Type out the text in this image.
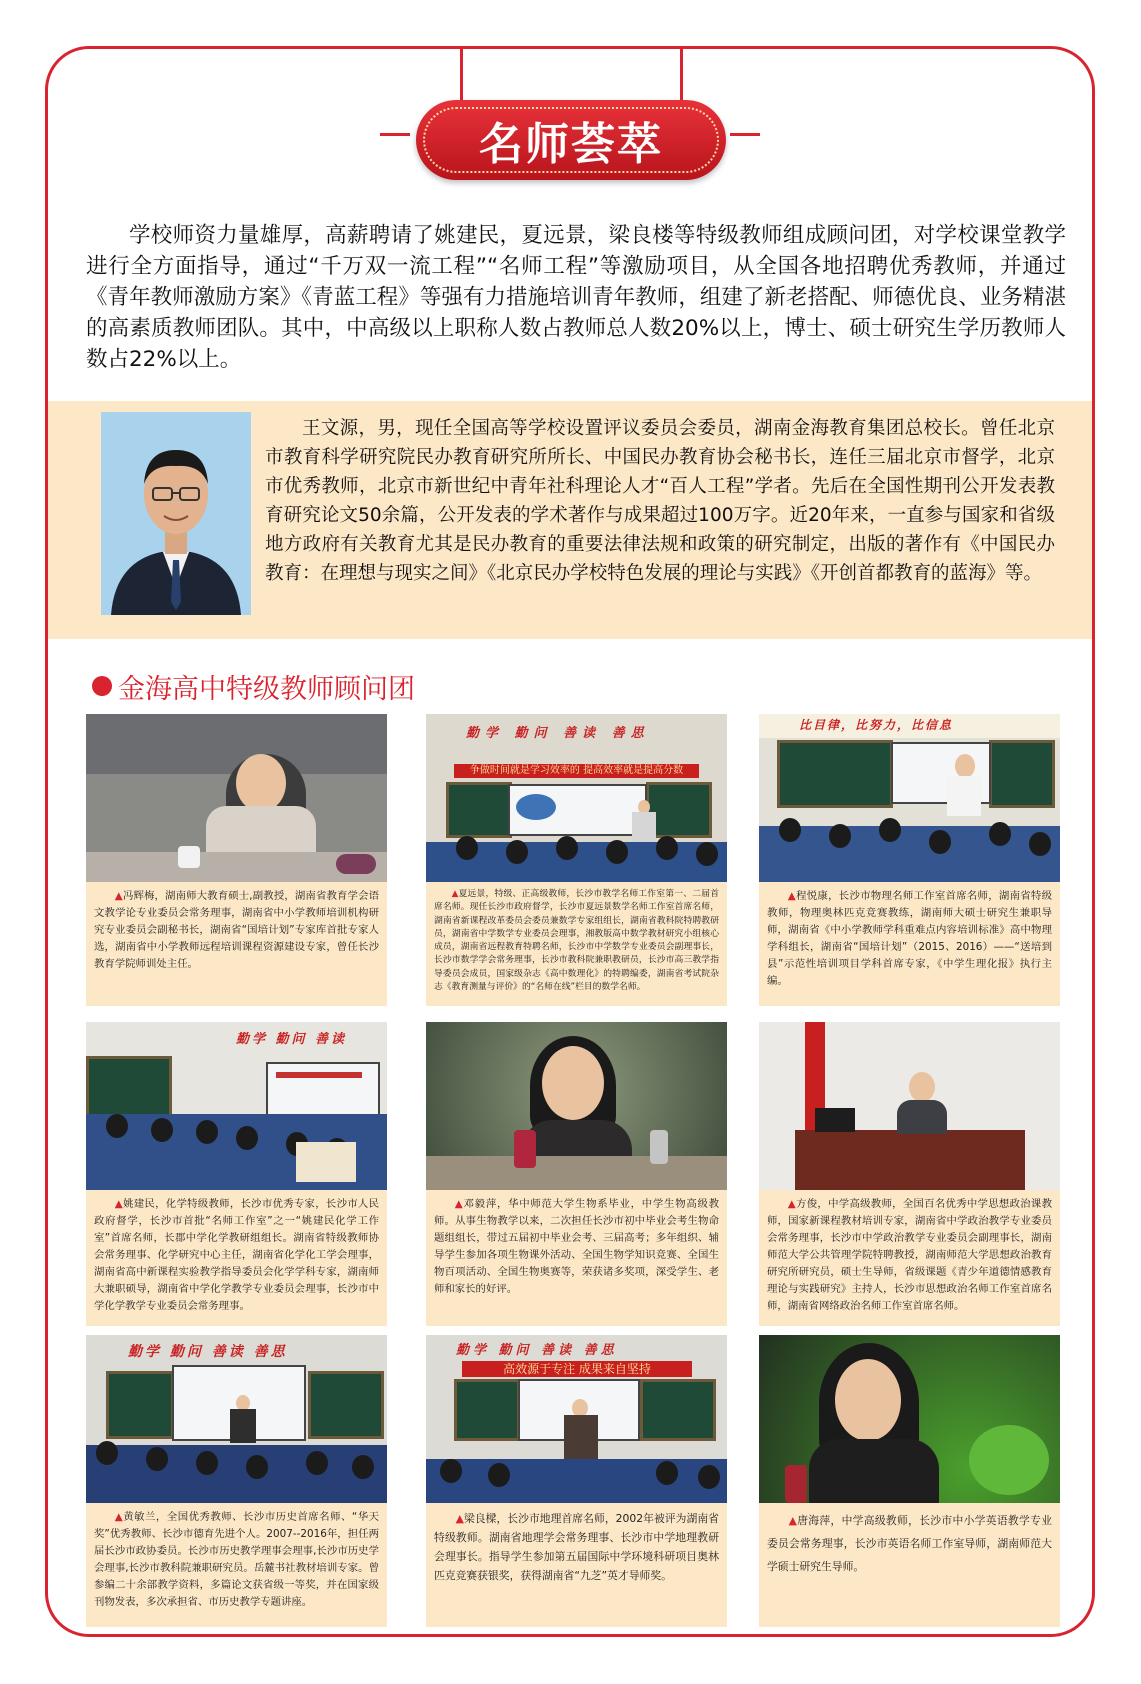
名师荟萃

学校师资力量雄厚，高薪聘请了姚建民，夏远景，梁良楼等特级教师组成顾问团，对学校课堂教学进行全方面指导，通过“千万双一流工程”“名师工程”等激励项目，从全国各地招聘优秀教师，并通过《青年教师激励方案》《青蓝工程》等强有力措施培训青年教师，组建了新老搭配、师德优良、业务精湛的高素质教师团队。其中，中高级以上职称人数占教师总人数20%以上，博士、硕士研究生学历教师人数占22%以上。

王文源，男，现任全国高等学校设置评议委员会委员，湖南金海教育集团总校长。曾任北京市教育科学研究院民办教育研究所所长、中国民办教育协会秘书长，连任三届北京市督学，北京市优秀教师，北京市新世纪中青年社科理论人才“百人工程”学者。先后在全国性期刊公开发表教育研究论文50余篇，公开发表的学术著作与成果超过100万字。近20年来，一直参与国家和省级地方政府有关教育尤其是民办教育的重要法律法规和政策的研究制定，出版的著作有《中国民办教育：在理想与现实之间》《北京民办学校特色发展的理论与实践》《开创首都教育的蓝海》等。

金海高中特级教师顾问团

▲冯辉梅，湖南师大教育硕士,副教授，湖南省教育学会语文教学论专业委员会常务理事，湖南省中小学教师培训机构研究专业委员会副秘书长，湖南省“国培计划”专家库首批专家人选，湖南省中小学教师远程培训课程资源建设专家，曾任长沙教育学院师训处主任。

勤学 勤问 善读 善思
争做时间就是学习效率的 提高效率就是提高分数

▲夏远景，特级、正高级教师，长沙市教学名师工作室第一、二届首席名师。现任长沙市政府督学，长沙市夏远景数学名师工作室首席名师，湖南省新课程改革委员会委员兼数学专家组组长，湖南省教科院特聘教研员，湖南省中学数学专业委员会理事，湘教版高中数学教材研究小组核心成员，湖南省远程教育特聘名师，长沙市中学数学专业委员会副理事长，长沙市数学学会常务理事，长沙市教科院兼职教研员，长沙市高三教学指导委员会成员，国家级杂志《高中数理化》的特聘编委，湖南省考试院杂志《教育测量与评价》的“名师在线”栏目的数学名师。

比目律，比努力，比信息

▲程悦康，长沙市物理名师工作室首席名师，湖南省特级教师，物理奥林匹克竞赛教练，湖南师大硕士研究生兼职导师，湖南省《中小学教师学科重难点内容培训标准》高中物理学科组长，湖南省“国培计划”（2015、2016）——“送培到县”示范性培训项目学科首席专家，《中学生理化报》执行主编。

勤学 勤问 善读

▲姚建民，化学特级教师，长沙市优秀专家，长沙市人民政府督学，长沙市首批“名师工作室”之一“姚建民化学工作室”首席名师，长郡中学化学教研组组长。湖南省特级教师协会常务理事、化学研究中心主任，湖南省化学化工学会理事，湖南省高中新课程实验教学指导委员会化学学科专家，湖南师大兼职硕导，湖南省中学化学教学专业委员会理事，长沙市中学化学教学专业委员会常务理事。

▲邓毅萍，华中师范大学生物系毕业，中学生物高级教师。从事生物教学以来，二次担任长沙市初中毕业会考生物命题组组长，带过五届初中毕业会考、三届高考；多年组织、辅导学生参加各项生物课外活动、全国生物学知识竞赛、全国生物百项活动、全国生物奥赛等，荣获诸多奖项，深受学生、老师和家长的好评。

▲方俊，中学高级教师，全国百名优秀中学思想政治课教师，国家新课程教材培训专家，湖南省中学政治教学专业委员会常务理事，长沙市中学政治教学专业委员会副理事长，湖南师范大学公共管理学院特聘教授，湖南师范大学思想政治教育研究所研究员，硕士生导师，省级课题《青少年道德情感教育理论与实践研究》主持人，长沙市思想政治名师工作室首席名师，湖南省网络政治名师工作室首席名师。

勤学 勤问 善读 善思

▲黄敏兰，全国优秀教师、长沙市历史首席名师、“华天奖”优秀教师、长沙市德育先进个人。2007--2016年，担任两届长沙市政协委员。长沙市历史教学理事会理事,长沙市历史学会理事,长沙市教科院兼职研究员。岳麓书社教材培训专家。曾参编二十余部教学资料，多篇论文获省级一等奖，并在国家级刊物发表，多次承担省、市历史教学专题讲座。

勤学 勤问 善读 善思
高效源于专注 成果来自坚持

▲梁良樑，长沙市地理首席名师，2002年被评为湖南省特级教师。湖南省地理学会常务理事、长沙市中学地理教研会理事长。指导学生参加第五届国际中学环境科研项目奥林匹克竞赛获银奖，获得湖南省“九芝”英才导师奖。

▲唐海萍，中学高级教师，长沙市中小学英语教学专业委员会常务理事，长沙市英语名师工作室导师，湖南师范大学硕士研究生导师。
